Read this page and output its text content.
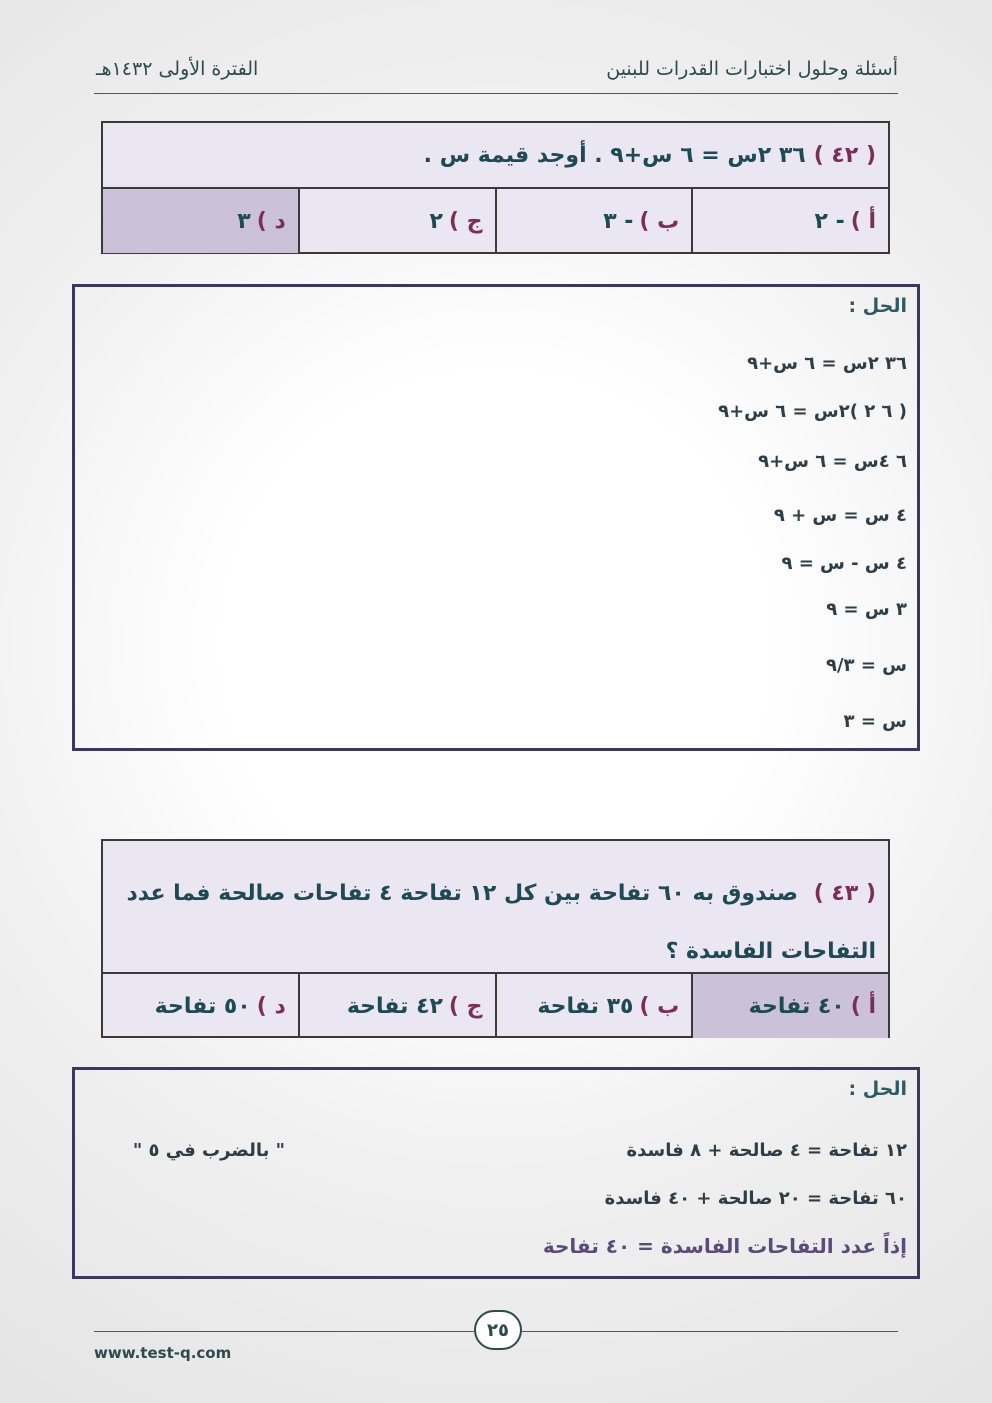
أسئلة وحلول اختبارات القدرات للبنين
الفترة الأولى ١٤٣٢هـ
( ٤٢ )
٣٦ ٢س = ٦ س+٩ . أوجد قيمة س .
أ )
- ٢
ب )
- ٣
ج )
٢
د )
٣
الحل :
٣٦ ٢س = ٦ س+٩
( ٦ ٢ )٢س = ٦ س+٩
٦ ٤س = ٦ س+٩
٤ س = س + ٩
٤ س - س = ٩
٣ س = ٩
س = ٩/٣
س = ٣
( ٤٣ ) صندوق به ٦٠ تفاحة بين كل ١٢ تفاحة ٤ تفاحات صالحة فما عدد
التفاحات الفاسدة ؟
أ )
٤٠ تفاحة
ب )
٣٥ تفاحة
ج )
٤٢ تفاحة
د )
٥٠ تفاحة
الحل :
١٢ تفاحة = ٤ صالحة + ٨ فاسدة
" بالضرب في ٥ "
٦٠ تفاحة = ٢٠ صالحة + ٤٠ فاسدة
إذاً عدد التفاحات الفاسدة = ٤٠ تفاحة
٢٥
www.test-q.com
